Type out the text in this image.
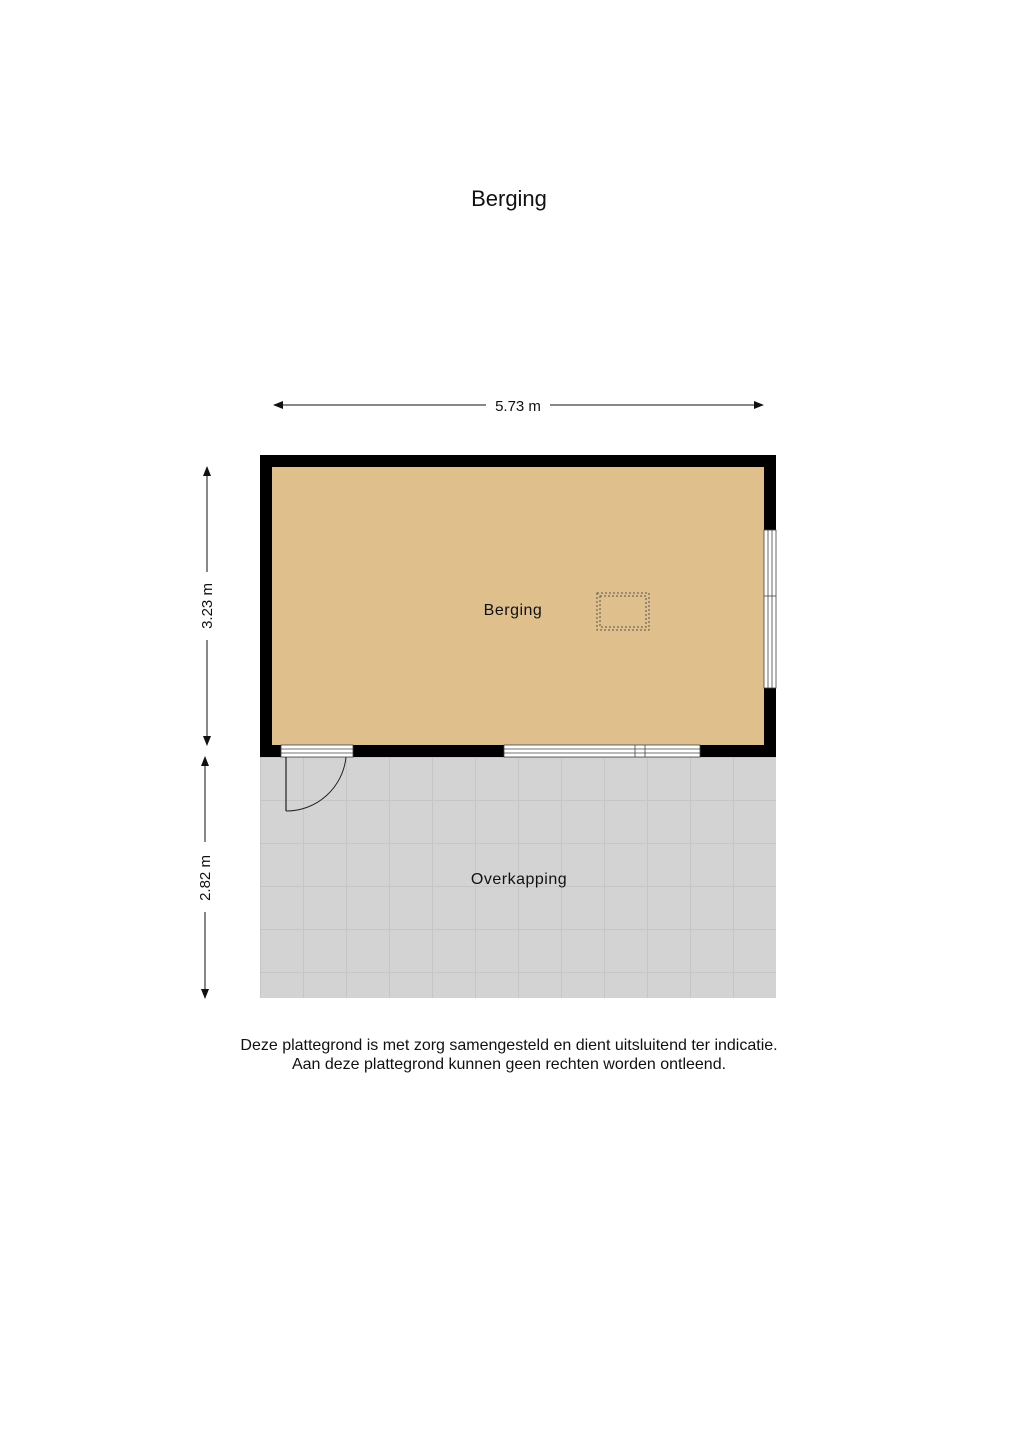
Berging
Berging
Overkapping
5.73 m
3.23 m
2.82 m
Deze plattegrond is met zorg samengesteld en dient uitsluitend ter indicatie.
Aan deze plattegrond kunnen geen rechten worden ontleend.
